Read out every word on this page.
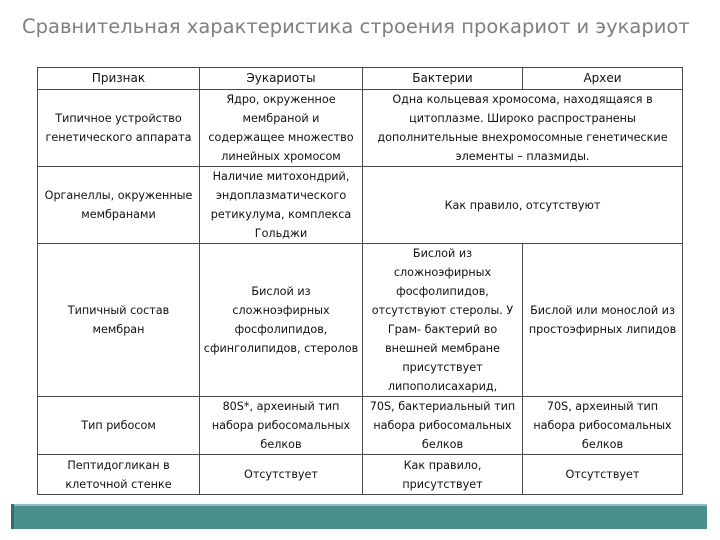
Сравнительная характеристика строения прокариот и эукариот
Признак	Эукариоты	Бактерии	Археи
Типичное устройство генетического аппарата	Ядро, окруженное мембраной и содержащее множество линейных хромосом	Одна кольцевая хромосома, находящаяся в цитоплазме. Широко распространены дополнительные внехромосомные генетические элементы – плазмиды.	
Органеллы, окруженные мембранами	Наличие митохондрий, эндоплазматического ретикулума, комплекса Гольджи	Как правило, отсутствуют	
Типичный состав мембран	Бислой из сложноэфирных фосфолипидов, сфинголипидов, стеролов	Бислой из сложноэфирных фосфолипидов, отсутствуют стеролы. У Грам- бактерий во внешней мембране присутствует липополисахарид,	Бислой или монослой из простоэфирных липидов
Тип рибосом	80S*, археиный тип набора рибосомальных белков	70S, бактериальный тип набора рибосомальных белков	70S, археиный тип набора рибосомальных белков
Пептидогликан в клеточной стенке	Отсутствует	Как правило, присутствует	Отсутствует
